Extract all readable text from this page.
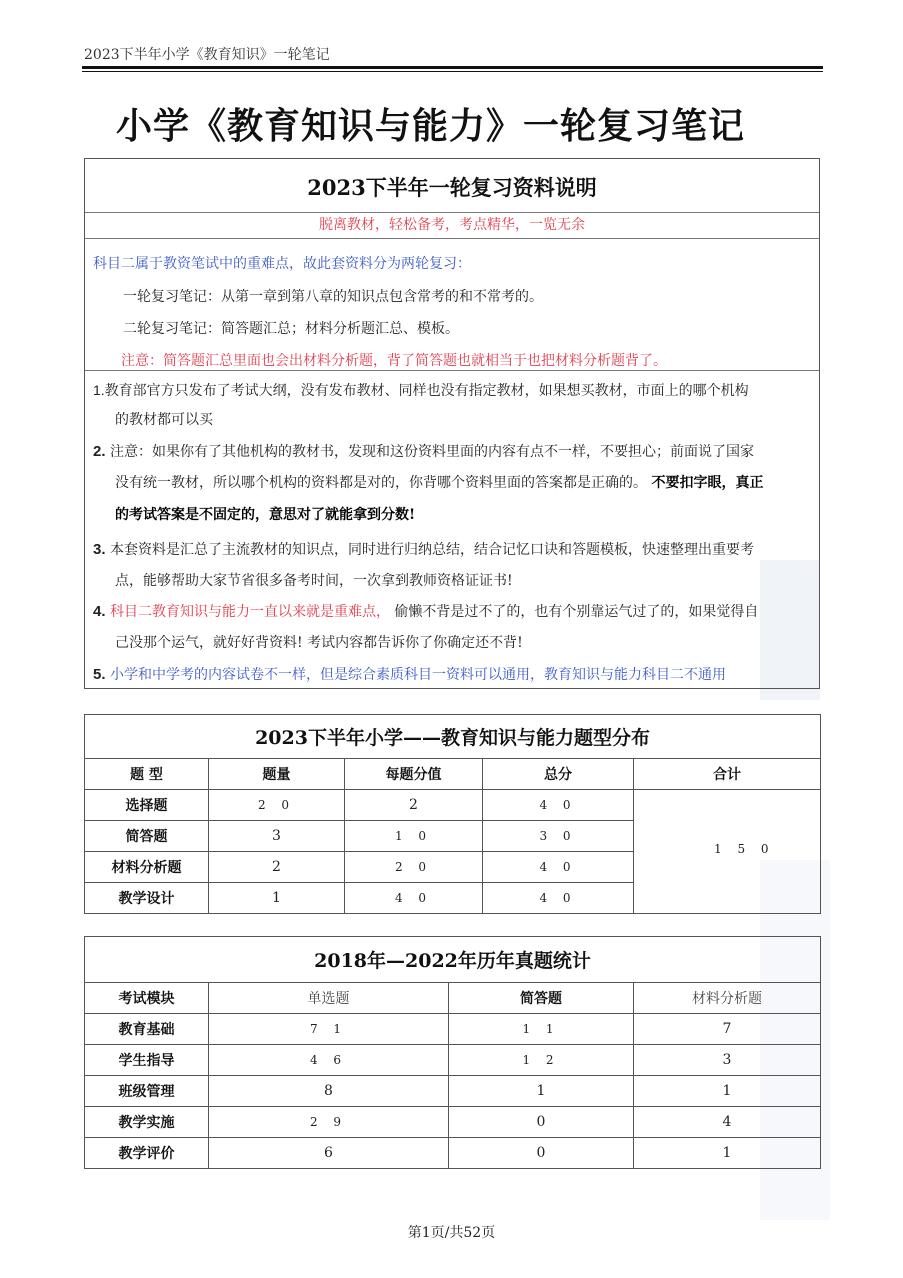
2023下半年小学《教育知识》一轮笔记
小学《教育知识与能力》一轮复习笔记
2023下半年一轮复习资料说明
脱离教材，轻松备考，考点精华，一览无余
科目二属于教资笔试中的重难点，故此套资料分为两轮复习：
一轮复习笔记：从第一章到第八章的知识点包含常考的和不常考的。
二轮复习笔记：简答题汇总；材料分析题汇总、模板。
注意：简答题汇总里面也会出材料分析题，背了简答题也就相当于也把材料分析题背了。
1.教育部官方只发布了考试大纲，没有发布教材、同样也没有指定教材，如果想买教材，市面上的哪个机构
的教材都可以买
2. 注意：如果你有了其他机构的教材书，发现和这份资料里面的内容有点不一样，不要担心；前面说了国家
没有统一教材，所以哪个机构的资料都是对的，你背哪个资料里面的答案都是正确的。 不要扣字眼，真正
的考试答案是不固定的，意思对了就能拿到分数!
3. 本套资料是汇总了主流教材的知识点，同时进行归纳总结，结合记忆口诀和答题模板，快速整理出重要考
点，能够帮助大家节省很多备考时间，一次拿到教师资格证证书!
4. 科目二教育知识与能力一直以来就是重难点， 偷懒不背是过不了的，也有个别靠运气过了的，如果觉得自
己没那个运气，就好好背资料! 考试内容都告诉你了你确定还不背!
5. 小学和中学考的内容试卷不一样，但是综合素质科目一资料可以通用，教育知识与能力科目二不通用
2023下半年小学——教育知识与能力题型分布				
题 型	题量	每题分值	总分	合计
选择题	2 0	2	4 0	1 5 0
简答题	3	1 0	3 0	
材料分析题	2	2 0	4 0	
教学设计	1	4 0	4 0	
2018年—2022年历年真题统计			
考试模块	单选题	简答题	材料分析题
教育基础	7 1	1 1	7
学生指导	4 6	1 2	3
班级管理	8	1	1
教学实施	2 9	0	4
教学评价	6	0	1
第1页/共52页
